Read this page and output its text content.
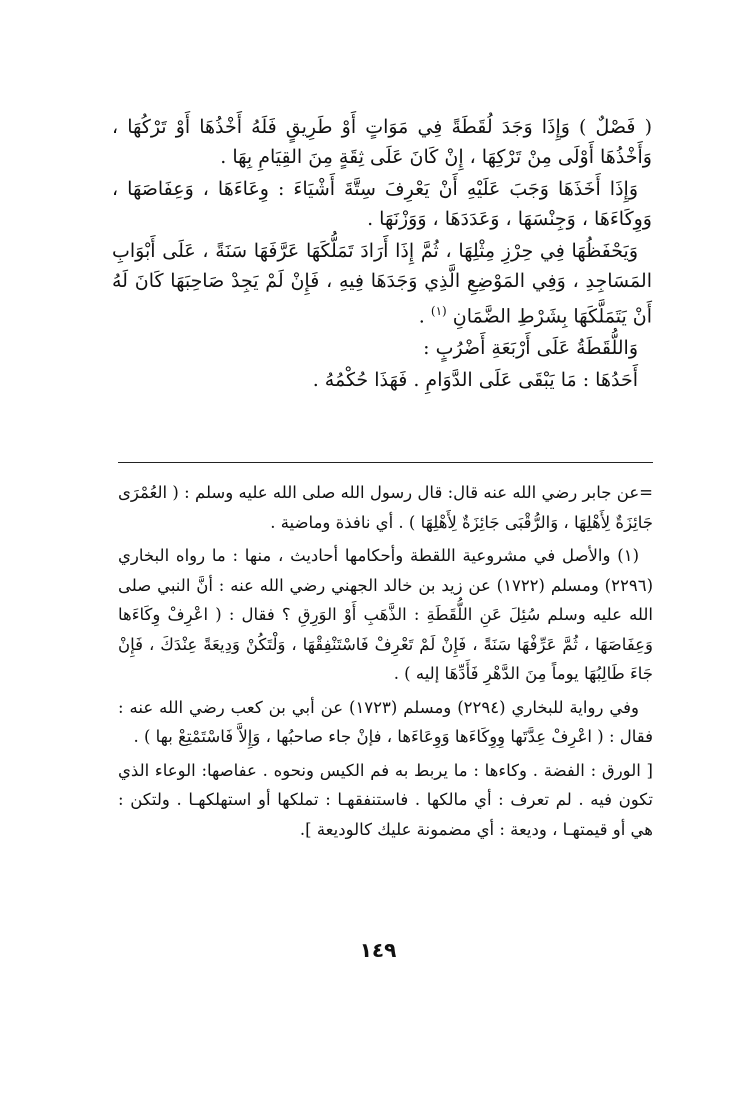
( فَصْلٌ ) وَإِذَا وَجَدَ لُقَطَةً فِي مَوَاتٍ أَوْ طَرِيقٍ فَلَهُ أَخْذُهَا أَوْ تَرْكُهَا ، وَأَخْذُهَا أَوْلَى مِنْ تَرْكِهَا ، إِنْ كَانَ عَلَى ثِقَةٍ مِنَ القِيَامِ بِهَا .

وَإِذَا أَخَذَهَا وَجَبَ عَلَيْهِ أَنْ يَعْرِفَ سِتَّةَ أَشْيَاءَ : وِعَاءَهَا ، وَعِفَاصَهَا ، وَوِكَاءَهَا ، وَجِنْسَهَا ، وَعَدَدَهَا ، وَوَزْنَهَا .

وَيَحْفَظُهَا فِي حِرْزِ مِثْلِهَا ، ثُمَّ إِذَا أَرَادَ تَمَلُّكَهَا عَرَّفَهَا سَنَةً ، عَلَى أَبْوَابِ المَسَاجِدِ ، وَفِي المَوْضِعِ الَّذِي وَجَدَهَا فِيهِ ، فَإِنْ لَمْ يَجِدْ صَاحِبَهَا كَانَ لَهُ أَنْ يَتَمَلَّكَهَا بِشَرْطِ الضَّمَانِ $^{(١)}$ .

وَاللُّقَطَةُ عَلَى أَرْبَعَةِ أَضْرُبٍ :

أَحَدُهَا : مَا يَبْقَى عَلَى الدَّوَامِ . فَهَذَا حُكْمُهُ .

=عن جابر رضي الله عنه قال: قال رسول الله صلى الله عليه وسلم : ( العُمْرَى جَائِزَةٌ لِأَهْلِهَا ، وَالرُّقْبَى جَائِزَةٌ لِأَهْلِهَا ) . أي نافذة وماضية .

(١) والأصل في مشروعية اللقطة وأحكامها أحاديث ، منها : ما رواه البخاري (٢٢٩٦) ومسلم (١٧٢٢) عن زيد بن خالد الجهني رضي الله عنه : أنَّ النبي صلى الله عليه وسلم سُئِلَ عَنِ اللُّقَطَةِ : الذَّهَبِ أَوْ الوَرِقِ ؟ فقال : ( اعْرِفْ وِكَاءَها وَعِفَاصَهَا ، ثُمَّ عَرِّفْهَا سَنَةً ، فَإِنْ لَمْ تَعْرِفْ فَاسْتَنْفِقْهَا ، وَلْتَكُنْ وَدِيعَةً عِنْدَكَ ، فَإِنْ جَاءَ طَالِبُهَا يوماً مِنَ الدَّهْرِ فَأَدِّهَا إليه ) .

وفي رواية للبخاري (٢٢٩٤) ومسلم (١٧٢٣) عن أبي بن كعب رضي الله عنه : فقال : ( اعْرِفْ عِدَّتَها وِوِكَاءَها وَوِعَاءَها ، فإنْ جاء صاحبُها ، وَإِلاَّ فَاسْتَمْتِعْ بها ) .

[ الورق : الفضة . وكاءها : ما يربط به فم الكيس ونحوه . عفاصها: الوعاء الذي تكون فيه . لم تعرف : أي مالكها . فاستنفقهـا : تملكها أو استهلكهـا . ولتكن : هي أو قيمتهـا ، وديعة : أي مضمونة عليك كالوديعة ].

١٤٩
